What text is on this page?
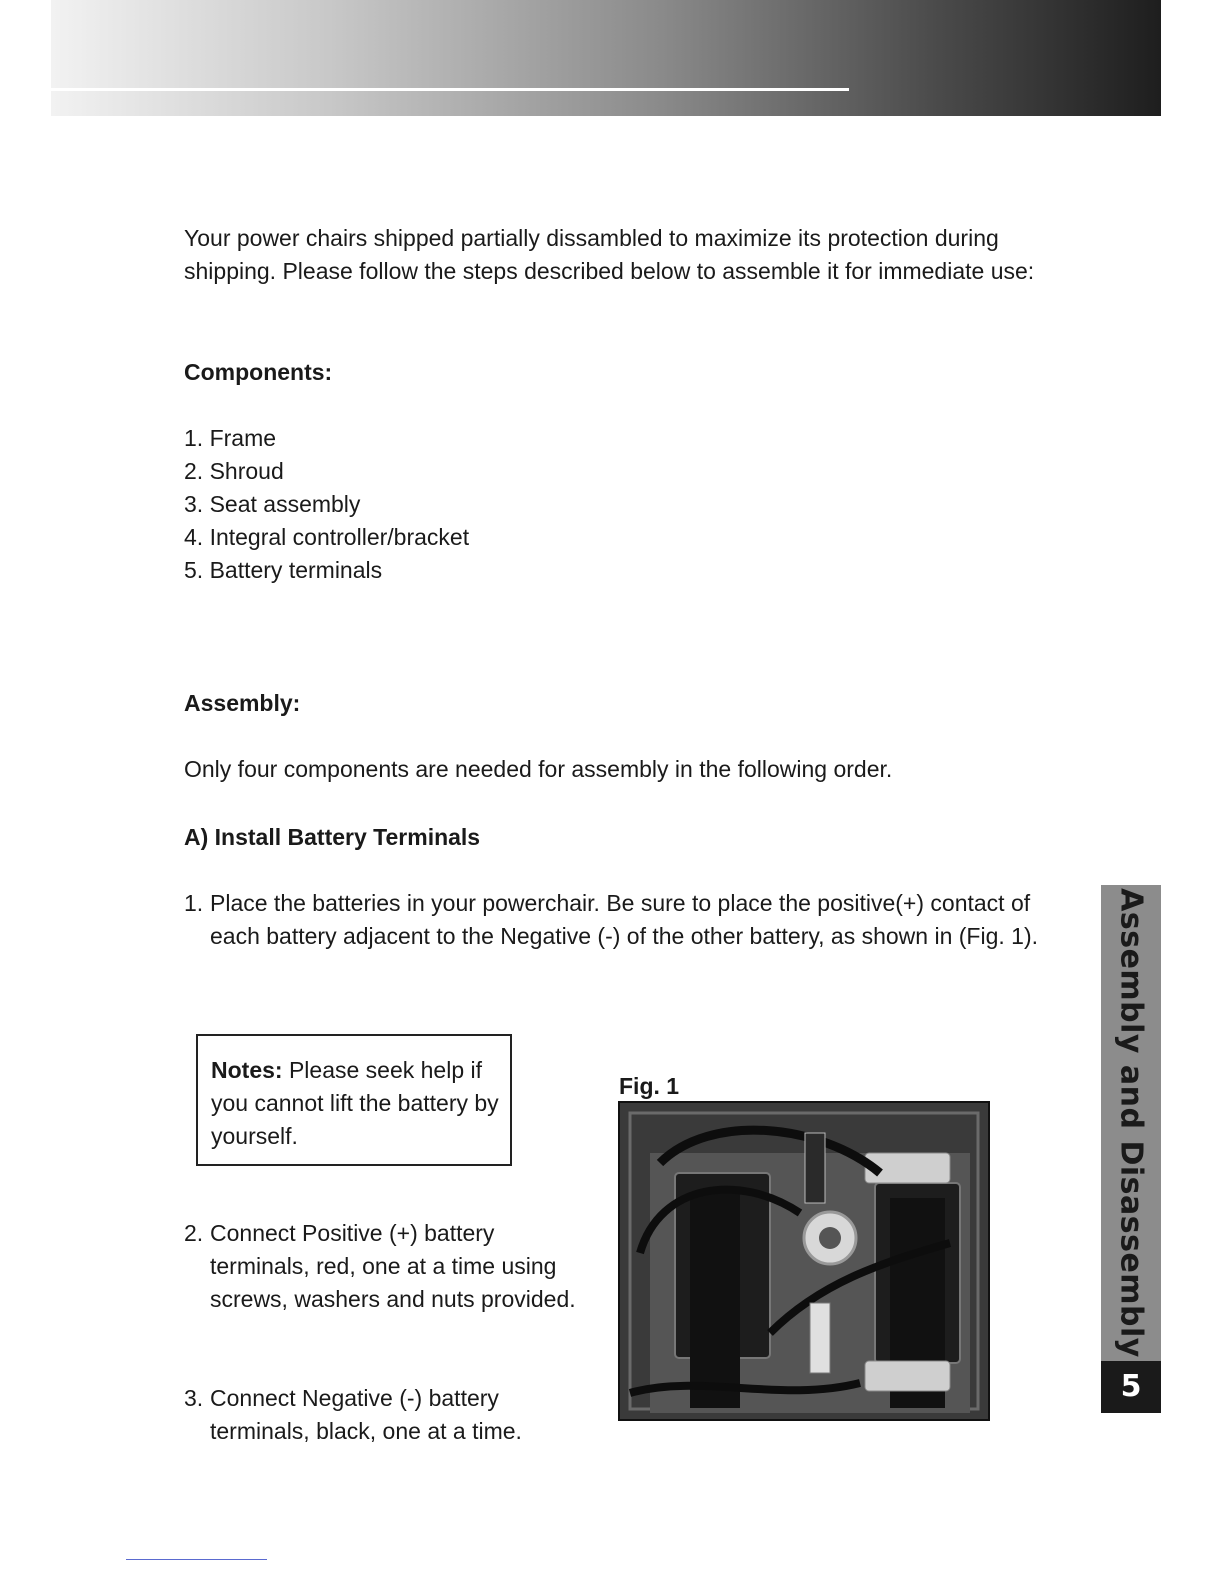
Your power chairs shipped partially dissambled to maximize its protection during shipping. Please follow the steps described below to assemble it for immediate use:
Components:
1. Frame
2. Shroud
3. Seat assembly
4. Integral controller/bracket
5. Battery terminals
Assembly:
Only four components are needed for assembly in the following order.
A) Install Battery Terminals
1. Place the batteries in your powerchair. Be sure to place the positive(+) contact of each battery adjacent to the Negative (-) of the other battery, as shown in (Fig. 1).
Notes: Please seek help if you cannot lift the battery by yourself.
2. Connect Positive (+) battery terminals, red, one at a time using screws, washers and nuts provided.
3. Connect Negative (-) battery terminals, black, one at a time.
Fig. 1	Assembly and Disassembly
5
